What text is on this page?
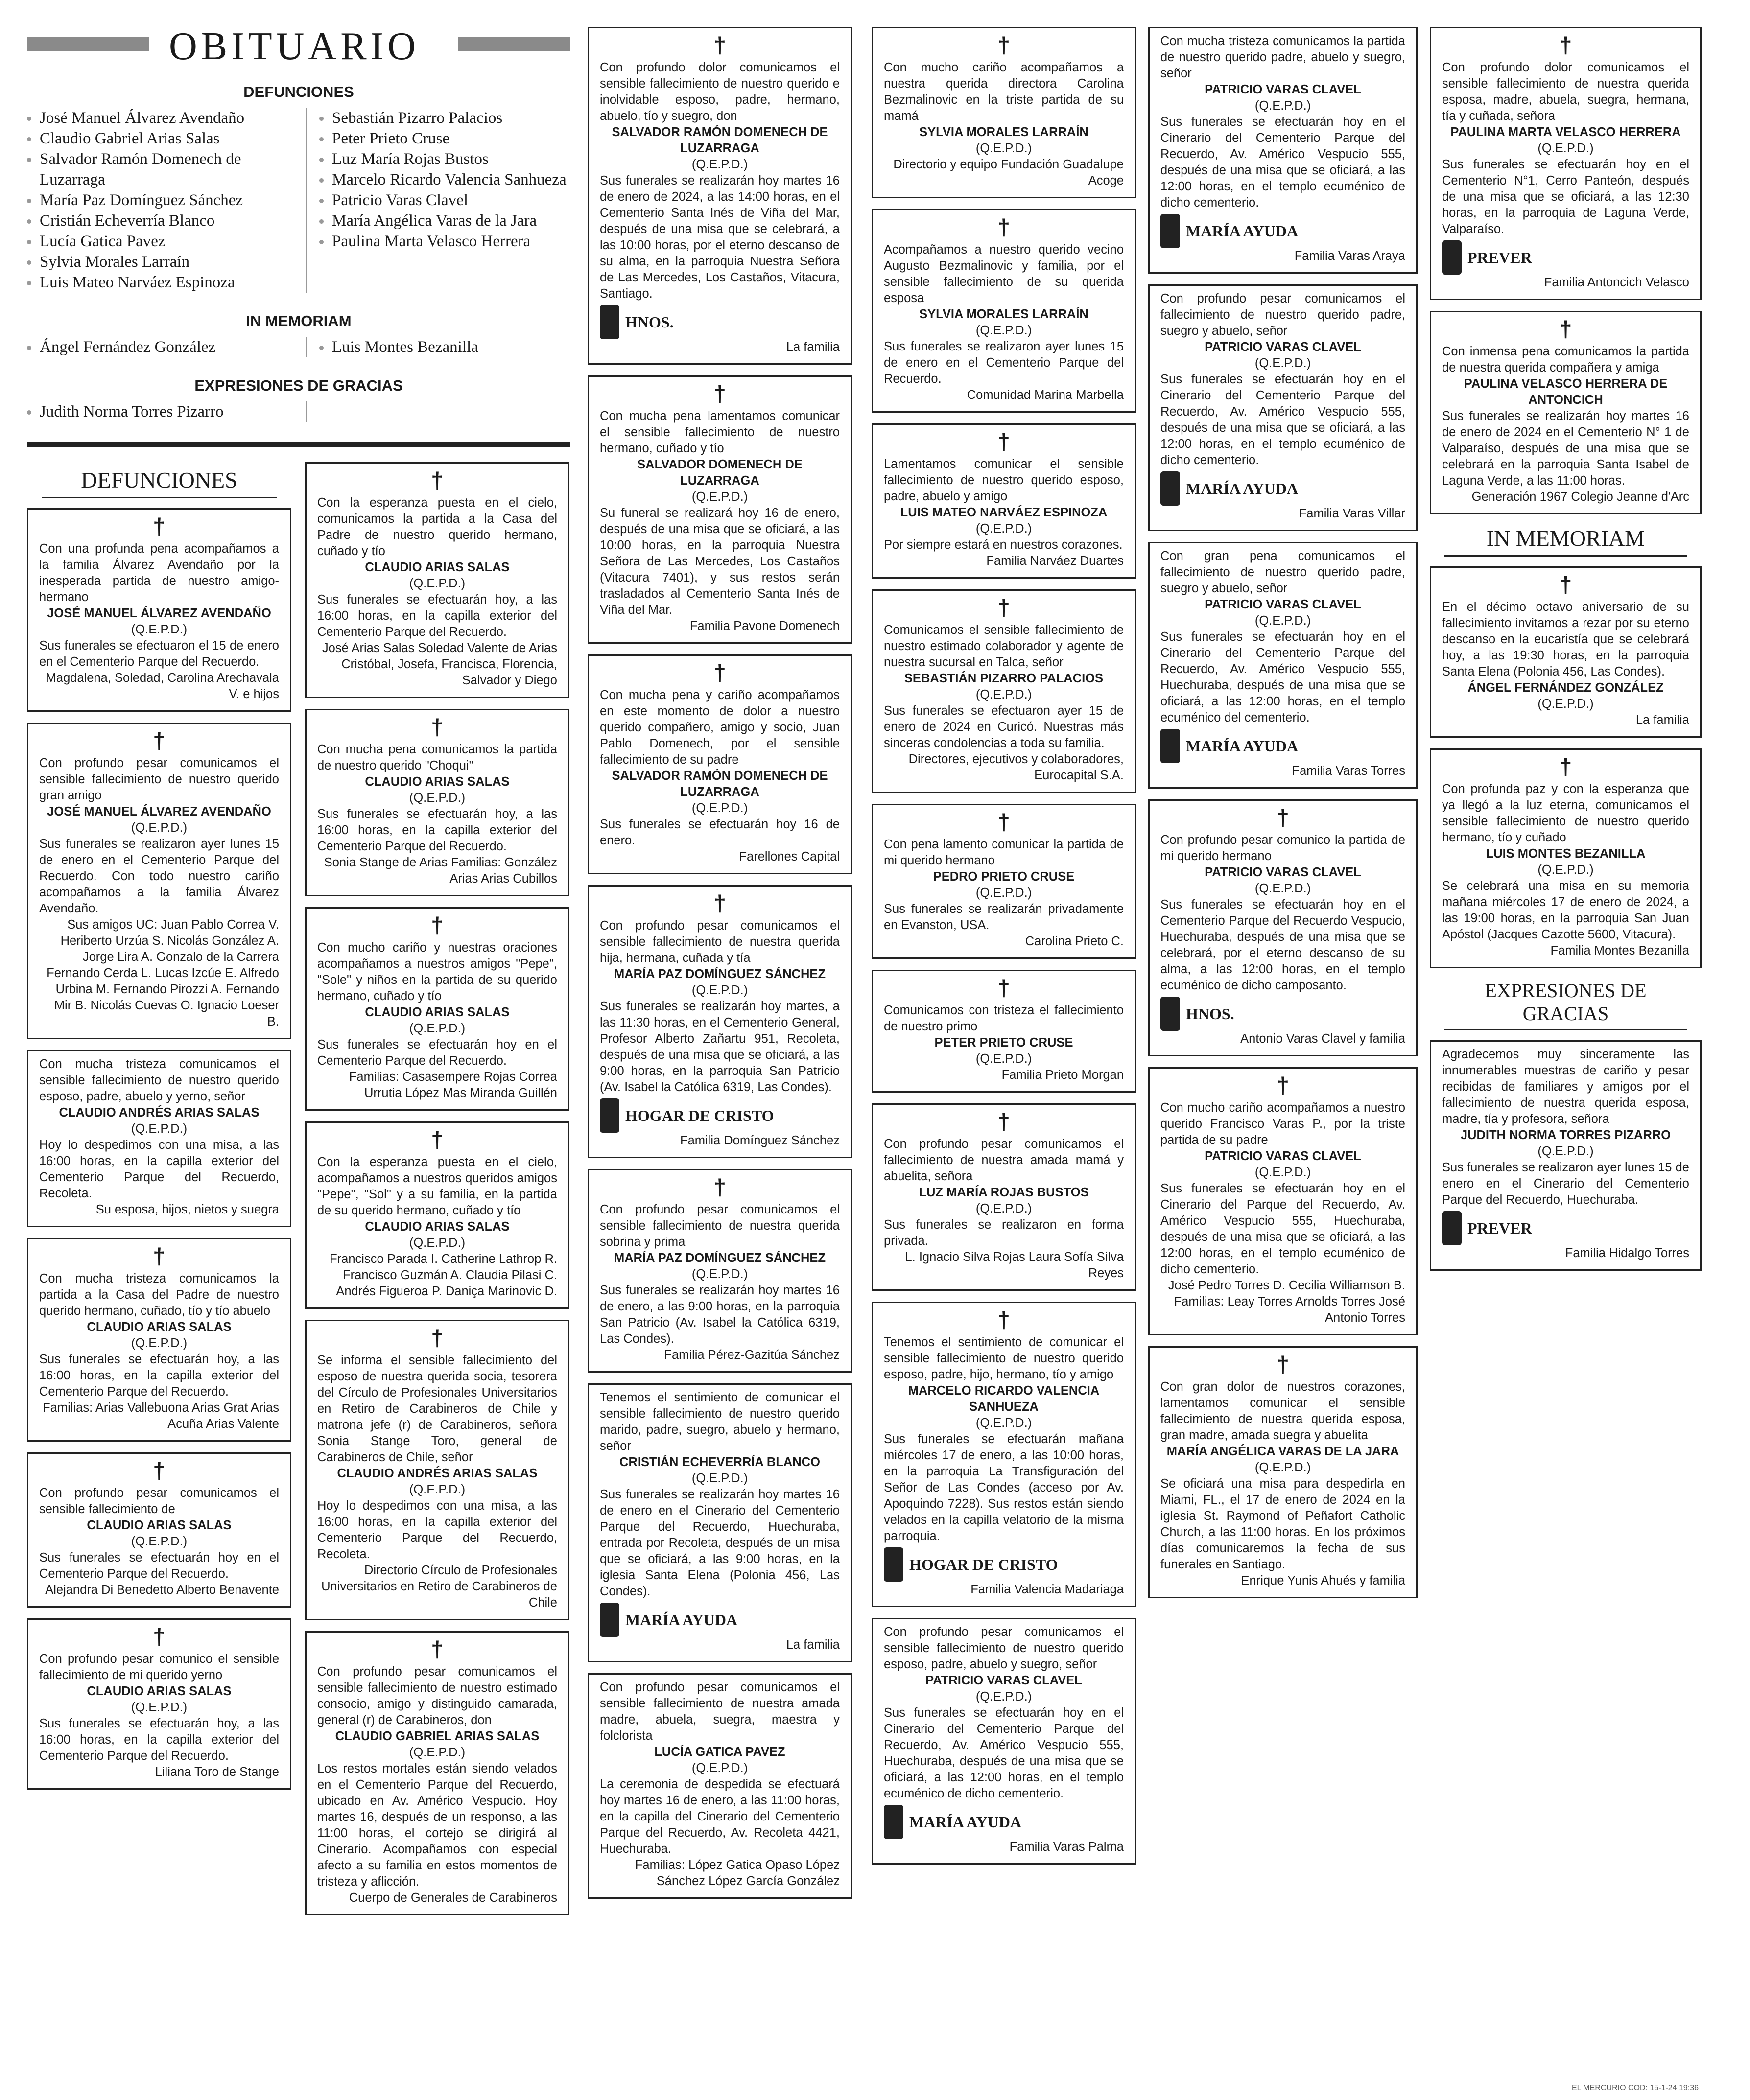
OBITUARIO
DEFUNCIONES
José Manuel Álvarez Avendaño
Claudio Gabriel Arias Salas
Salvador Ramón Domenech de Luzarraga
María Paz Domínguez Sánchez
Cristián Echeverría Blanco
Lucía Gatica Pavez
Sylvia Morales Larraín
Luis Mateo Narváez Espinoza
Sebastián Pizarro Palacios
Peter Prieto Cruse
Luz María Rojas Bustos
Marcelo Ricardo Valencia Sanhueza
Patricio Varas Clavel
María Angélica Varas de la Jara
Paulina Marta Velasco Herrera
IN MEMORIAM
Ángel Fernández González	Luis Montes Bezanilla
EXPRESIONES DE GRACIAS
Judith Norma Torres Pizarro
DEFUNCIONES
†
Con una profunda pena acompañamos a la familia Álvarez Avendaño por la inesperada partida de nuestro amigo-hermano
JOSÉ MANUEL ÁLVAREZ AVENDAÑO
(Q.E.P.D.)
Sus funerales se efectuaron el 15 de enero en el Cementerio Parque del Recuerdo.
Magdalena, Soledad, Carolina Arechavala V. e hijos
†
Con profundo pesar comunicamos el sensible fallecimiento de nuestro querido gran amigo
JOSÉ MANUEL ÁLVAREZ AVENDAÑO
(Q.E.P.D.)
Sus funerales se realizaron ayer lunes 15 de enero en el Cementerio Parque del Recuerdo. Con todo nuestro cariño acompañamos a la familia Álvarez Avendaño.
Sus amigos UC: Juan Pablo Correa V. Heriberto Urzúa S. Nicolás González A. Jorge Lira A. Gonzalo de la Carrera Fernando Cerda L. Lucas Izcúe E. Alfredo Urbina M. Fernando Pirozzi A. Fernando Mir B. Nicolás Cuevas O. Ignacio Loeser B.
Con mucha tristeza comunicamos el sensible fallecimiento de nuestro querido esposo, padre, abuelo y yerno, señor
CLAUDIO ANDRÉS ARIAS SALAS
(Q.E.P.D.)
Hoy lo despedimos con una misa, a las 16:00 horas, en la capilla exterior del Cementerio Parque del Recuerdo, Recoleta.
Su esposa, hijos, nietos y suegra
†
Con mucha tristeza comunicamos la partida a la Casa del Padre de nuestro querido hermano, cuñado, tío y tío abuelo
CLAUDIO ARIAS SALAS
(Q.E.P.D.)
Sus funerales se efectuarán hoy, a las 16:00 horas, en la capilla exterior del Cementerio Parque del Recuerdo.
Familias: Arias Vallebuona Arias Grat Arias Acuña Arias Valente
†
Con profundo pesar comunicamos el sensible fallecimiento de
CLAUDIO ARIAS SALAS
(Q.E.P.D.)
Sus funerales se efectuarán hoy en el Cementerio Parque del Recuerdo.
Alejandra Di Benedetto Alberto Benavente
†
Con profundo pesar comunico el sensible fallecimiento de mi querido yerno
CLAUDIO ARIAS SALAS
(Q.E.P.D.)
Sus funerales se efectuarán hoy, a las 16:00 horas, en la capilla exterior del Cementerio Parque del Recuerdo.
Liliana Toro de Stange
†
Con la esperanza puesta en el cielo, comunicamos la partida a la Casa del Padre de nuestro querido hermano, cuñado y tío
CLAUDIO ARIAS SALAS
(Q.E.P.D.)
Sus funerales se efectuarán hoy, a las 16:00 horas, en la capilla exterior del Cementerio Parque del Recuerdo.
José Arias Salas Soledad Valente de Arias Cristóbal, Josefa, Francisca, Florencia, Salvador y Diego
†
Con mucha pena comunicamos la partida de nuestro querido "Choqui"
CLAUDIO ARIAS SALAS
(Q.E.P.D.)
Sus funerales se efectuarán hoy, a las 16:00 horas, en la capilla exterior del Cementerio Parque del Recuerdo.
Sonia Stange de Arias Familias: González Arias Arias Cubillos
†
Con mucho cariño y nuestras oraciones acompañamos a nuestros amigos "Pepe", "Sole" y niños en la partida de su querido hermano, cuñado y tío
CLAUDIO ARIAS SALAS
(Q.E.P.D.)
Sus funerales se efectuarán hoy en el Cementerio Parque del Recuerdo.
Familias: Casasempere Rojas Correa Urrutia López Mas Miranda Guillén
†
Con la esperanza puesta en el cielo, acompañamos a nuestros queridos amigos "Pepe", "Sol" y a su familia, en la partida de su querido hermano, cuñado y tío
CLAUDIO ARIAS SALAS
(Q.E.P.D.)
Francisco Parada I. Catherine Lathrop R. Francisco Guzmán A. Claudia Pilasi C. Andrés Figueroa P. Daniça Marinovic D.
†
Se informa el sensible fallecimiento del esposo de nuestra querida socia, tesorera del Círculo de Profesionales Universitarios en Retiro de Carabineros de Chile y matrona jefe (r) de Carabineros, señora Sonia Stange Toro, general de Carabineros de Chile, señor
CLAUDIO ANDRÉS ARIAS SALAS
(Q.E.P.D.)
Hoy lo despedimos con una misa, a las 16:00 horas, en la capilla exterior del Cementerio Parque del Recuerdo, Recoleta.
Directorio Círculo de Profesionales Universitarios en Retiro de Carabineros de Chile
†
Con profundo pesar comunicamos el sensible fallecimiento de nuestro estimado consocio, amigo y distinguido camarada, general (r) de Carabineros, don
CLAUDIO GABRIEL ARIAS SALAS
(Q.E.P.D.)
Los restos mortales están siendo velados en el Cementerio Parque del Recuerdo, ubicado en Av. Américo Vespucio. Hoy martes 16, después de un responso, a las 11:00 horas, el cortejo se dirigirá al Cinerario. Acompañamos con especial afecto a su familia en estos momentos de tristeza y aflicción.
Cuerpo de Generales de Carabineros
†
Con profundo dolor comunicamos el sensible fallecimiento de nuestro querido e inolvidable esposo, padre, hermano, abuelo, tío y suegro, don
SALVADOR RAMÓN DOMENECH DE LUZARRAGA
(Q.E.P.D.)
Sus funerales se realizarán hoy martes 16 de enero de 2024, a las 14:00 horas, en el Cementerio Santa Inés de Viña del Mar, después de una misa que se celebrará, a las 10:00 horas, por el eterno descanso de su alma, en la parroquia Nuestra Señora de Las Mercedes, Los Castaños, Vitacura, Santiago.
HNOS.
La familia
†
Con mucha pena lamentamos comunicar el sensible fallecimiento de nuestro hermano, cuñado y tío
SALVADOR DOMENECH DE LUZARRAGA
(Q.E.P.D.)
Su funeral se realizará hoy 16 de enero, después de una misa que se oficiará, a las 10:00 horas, en la parroquia Nuestra Señora de Las Mercedes, Los Castaños (Vitacura 7401), y sus restos serán trasladados al Cementerio Santa Inés de Viña del Mar.
Familia Pavone Domenech
†
Con mucha pena y cariño acompañamos en este momento de dolor a nuestro querido compañero, amigo y socio, Juan Pablo Domenech, por el sensible fallecimiento de su padre
SALVADOR RAMÓN DOMENECH DE LUZARRAGA
(Q.E.P.D.)
Sus funerales se efectuarán hoy 16 de enero.
Farellones Capital
†
Con profundo pesar comunicamos el sensible fallecimiento de nuestra querida hija, hermana, cuñada y tía
MARÍA PAZ DOMÍNGUEZ SÁNCHEZ
(Q.E.P.D.)
Sus funerales se realizarán hoy martes, a las 11:30 horas, en el Cementerio General, Profesor Alberto Zañartu 951, Recoleta, después de una misa que se oficiará, a las 9:00 horas, en la parroquia San Patricio (Av. Isabel la Católica 6319, Las Condes).
HOGAR DE CRISTO
Familia Domínguez Sánchez
†
Con profundo pesar comunicamos el sensible fallecimiento de nuestra querida sobrina y prima
MARÍA PAZ DOMÍNGUEZ SÁNCHEZ
(Q.E.P.D.)
Sus funerales se realizarán hoy martes 16 de enero, a las 9:00 horas, en la parroquia San Patricio (Av. Isabel la Católica 6319, Las Condes).
Familia Pérez-Gazitúa Sánchez
Tenemos el sentimiento de comunicar el sensible fallecimiento de nuestro querido marido, padre, suegro, abuelo y hermano, señor
CRISTIÁN ECHEVERRÍA BLANCO
(Q.E.P.D.)
Sus funerales se realizarán hoy martes 16 de enero en el Cinerario del Cementerio Parque del Recuerdo, Huechuraba, entrada por Recoleta, después de un misa que se oficiará, a las 9:00 horas, en la iglesia Santa Elena (Polonia 456, Las Condes).
MARÍA AYUDA
La familia
Con profundo pesar comunicamos el sensible fallecimiento de nuestra amada madre, abuela, suegra, maestra y folclorista
LUCÍA GATICA PAVEZ
(Q.E.P.D.)
La ceremonia de despedida se efectuará hoy martes 16 de enero, a las 11:00 horas, en la capilla del Cinerario del Cementerio Parque del Recuerdo, Av. Recoleta 4421, Huechuraba.
Familias: López Gatica Opaso López Sánchez López García González
†
Con mucho cariño acompañamos a nuestra querida directora Carolina Bezmalinovic en la triste partida de su mamá
SYLVIA MORALES LARRAÍN
(Q.E.P.D.)
Directorio y equipo Fundación Guadalupe Acoge
†
Acompañamos a nuestro querido vecino Augusto Bezmalinovic y familia, por el sensible fallecimiento de su querida esposa
SYLVIA MORALES LARRAÍN
(Q.E.P.D.)
Sus funerales se realizaron ayer lunes 15 de enero en el Cementerio Parque del Recuerdo.
Comunidad Marina Marbella
†
Lamentamos comunicar el sensible fallecimiento de nuestro querido esposo, padre, abuelo y amigo
LUIS MATEO NARVÁEZ ESPINOZA
(Q.E.P.D.)
Por siempre estará en nuestros corazones.
Familia Narváez Duartes
†
Comunicamos el sensible fallecimiento de nuestro estimado colaborador y agente de nuestra sucursal en Talca, señor
SEBASTIÁN PIZARRO PALACIOS
(Q.E.P.D.)
Sus funerales se efectuaron ayer 15 de enero de 2024 en Curicó. Nuestras más sinceras condolencias a toda su familia.
Directores, ejecutivos y colaboradores, Eurocapital S.A.
†
Con pena lamento comunicar la partida de mi querido hermano
PEDRO PRIETO CRUSE
(Q.E.P.D.)
Sus funerales se realizarán privadamente en Evanston, USA.
Carolina Prieto C.
†
Comunicamos con tristeza el fallecimiento de nuestro primo
PETER PRIETO CRUSE
(Q.E.P.D.)
Familia Prieto Morgan
†
Con profundo pesar comunicamos el fallecimiento de nuestra amada mamá y abuelita, señora
LUZ MARÍA ROJAS BUSTOS
(Q.E.P.D.)
Sus funerales se realizaron en forma privada.
L. Ignacio Silva Rojas Laura Sofía Silva Reyes
†
Tenemos el sentimiento de comunicar el sensible fallecimiento de nuestro querido esposo, padre, hijo, hermano, tío y amigo
MARCELO RICARDO VALENCIA SANHUEZA
(Q.E.P.D.)
Sus funerales se efectuarán mañana miércoles 17 de enero, a las 10:00 horas, en la parroquia La Transfiguración del Señor de Las Condes (acceso por Av. Apoquindo 7228). Sus restos están siendo velados en la capilla velatorio de la misma parroquia.
HOGAR DE CRISTO
Familia Valencia Madariaga
Con profundo pesar comunicamos el sensible fallecimiento de nuestro querido esposo, padre, abuelo y suegro, señor
PATRICIO VARAS CLAVEL
(Q.E.P.D.)
Sus funerales se efectuarán hoy en el Cinerario del Cementerio Parque del Recuerdo, Av. Américo Vespucio 555, Huechuraba, después de una misa que se oficiará, a las 12:00 horas, en el templo ecuménico de dicho cementerio.
MARÍA AYUDA
Familia Varas Palma
Con mucha tristeza comunicamos la partida de nuestro querido padre, abuelo y suegro, señor
PATRICIO VARAS CLAVEL
(Q.E.P.D.)
Sus funerales se efectuarán hoy en el Cinerario del Cementerio Parque del Recuerdo, Av. Américo Vespucio 555, después de una misa que se oficiará, a las 12:00 horas, en el templo ecuménico de dicho cementerio.
MARÍA AYUDA
Familia Varas Araya
Con profundo pesar comunicamos el fallecimiento de nuestro querido padre, suegro y abuelo, señor
PATRICIO VARAS CLAVEL
(Q.E.P.D.)
Sus funerales se efectuarán hoy en el Cinerario del Cementerio Parque del Recuerdo, Av. Américo Vespucio 555, después de una misa que se oficiará, a las 12:00 horas, en el templo ecuménico de dicho cementerio.
MARÍA AYUDA
Familia Varas Villar
Con gran pena comunicamos el fallecimiento de nuestro querido padre, suegro y abuelo, señor
PATRICIO VARAS CLAVEL
(Q.E.P.D.)
Sus funerales se efectuarán hoy en el Cinerario del Cementerio Parque del Recuerdo, Av. Américo Vespucio 555, Huechuraba, después de una misa que se oficiará, a las 12:00 horas, en el templo ecuménico del cementerio.
MARÍA AYUDA
Familia Varas Torres
†
Con profundo pesar comunico la partida de mi querido hermano
PATRICIO VARAS CLAVEL
(Q.E.P.D.)
Sus funerales se efectuarán hoy en el Cementerio Parque del Recuerdo Vespucio, Huechuraba, después de una misa que se celebrará, por el eterno descanso de su alma, a las 12:00 horas, en el templo ecuménico de dicho camposanto.
HNOS.
Antonio Varas Clavel y familia
†
Con mucho cariño acompañamos a nuestro querido Francisco Varas P., por la triste partida de su padre
PATRICIO VARAS CLAVEL
(Q.E.P.D.)
Sus funerales se efectuarán hoy en el Cinerario del Parque del Recuerdo, Av. Américo Vespucio 555, Huechuraba, después de una misa que se oficiará, a las 12:00 horas, en el templo ecuménico de dicho cementerio.
José Pedro Torres D. Cecilia Williamson B. Familias: Leay Torres Arnolds Torres José Antonio Torres
†
Con gran dolor de nuestros corazones, lamentamos comunicar el sensible fallecimiento de nuestra querida esposa, gran madre, amada suegra y abuelita
MARÍA ANGÉLICA VARAS DE LA JARA
(Q.E.P.D.)
Se oficiará una misa para despedirla en Miami, FL., el 17 de enero de 2024 en la iglesia St. Raymond of Peñafort Catholic Church, a las 11:00 horas. En los próximos días comunicaremos la fecha de sus funerales en Santiago.
Enrique Yunis Ahués y familia
†
Con profundo dolor comunicamos el sensible fallecimiento de nuestra querida esposa, madre, abuela, suegra, hermana, tía y cuñada, señora
PAULINA MARTA VELASCO HERRERA
(Q.E.P.D.)
Sus funerales se efectuarán hoy en el Cementerio N°1, Cerro Panteón, después de una misa que se oficiará, a las 12:30 horas, en la parroquia de Laguna Verde, Valparaíso.
PREVER
Familia Antoncich Velasco
†
Con inmensa pena comunicamos la partida de nuestra querida compañera y amiga
PAULINA VELASCO HERRERA DE ANTONCICH
Sus funerales se realizarán hoy martes 16 de enero de 2024 en el Cementerio N° 1 de Valparaíso, después de una misa que se celebrará en la parroquia Santa Isabel de Laguna Verde, a las 11:00 horas.
Generación 1967 Colegio Jeanne d'Arc
IN MEMORIAM
†
En el décimo octavo aniversario de su fallecimiento invitamos a rezar por su eterno descanso en la eucaristía que se celebrará hoy, a las 19:30 horas, en la parroquia Santa Elena (Polonia 456, Las Condes).
ÁNGEL FERNÁNDEZ GONZÁLEZ
(Q.E.P.D.)
La familia
†
Con profunda paz y con la esperanza que ya llegó a la luz eterna, comunicamos el sensible fallecimiento de nuestro querido hermano, tío y cuñado
LUIS MONTES BEZANILLA
(Q.E.P.D.)
Se celebrará una misa en su memoria mañana miércoles 17 de enero de 2024, a las 19:00 horas, en la parroquia San Juan Apóstol (Jacques Cazotte 5600, Vitacura).
Familia Montes Bezanilla
EXPRESIONES DE GRACIAS
Agradecemos muy sinceramente las innumerables muestras de cariño y pesar recibidas de familiares y amigos por el fallecimiento de nuestra querida esposa, madre, tía y profesora, señora
JUDITH NORMA TORRES PIZARRO
(Q.E.P.D.)
Sus funerales se realizaron ayer lunes 15 de enero en el Cinerario del Cementerio Parque del Recuerdo, Huechuraba.
PREVER
Familia Hidalgo Torres
EL MERCURIO COD: 15-1-24 19:36
